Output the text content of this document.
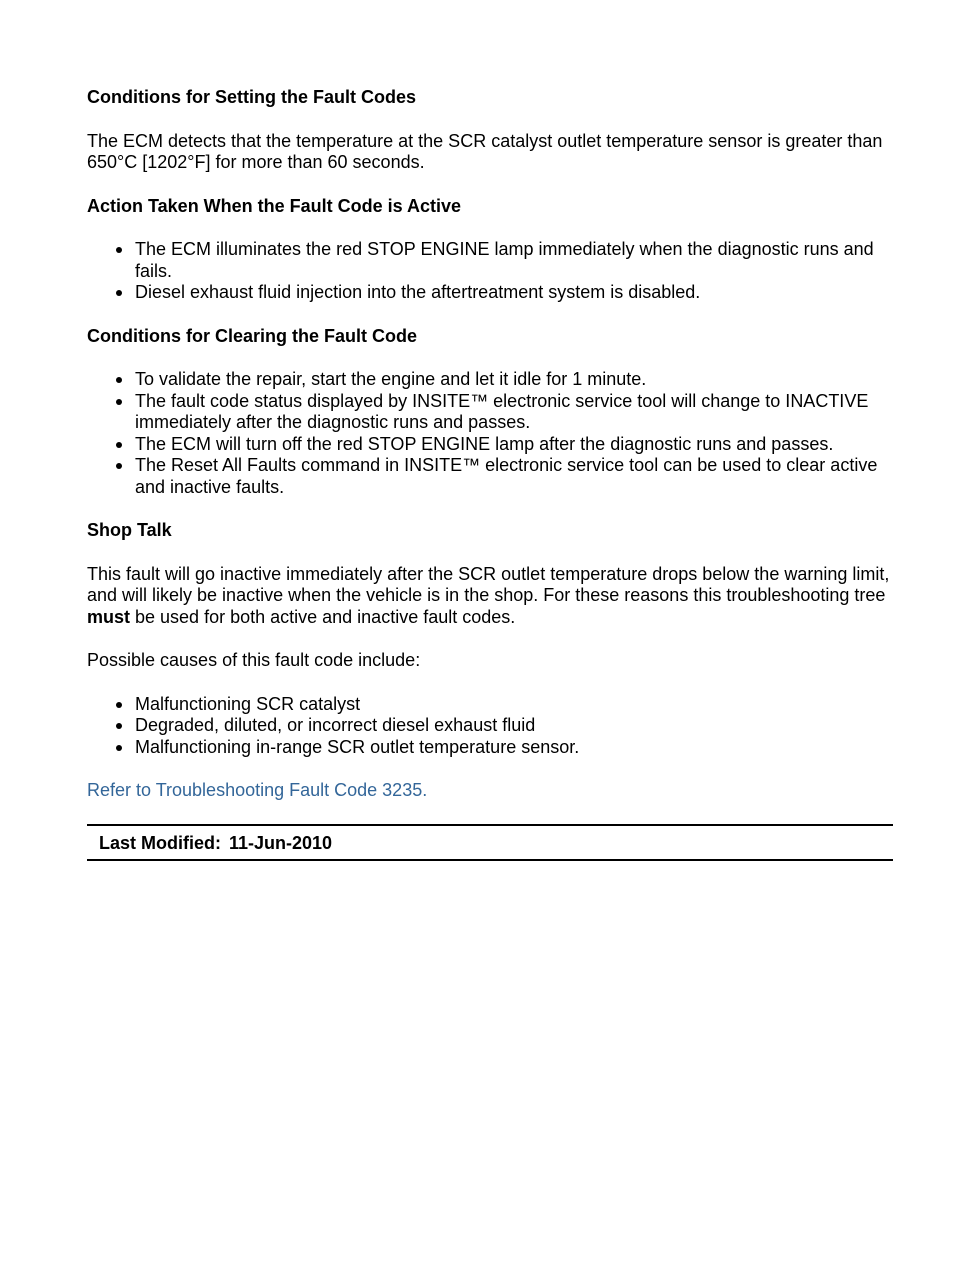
Conditions for Setting the Fault Codes
The ECM detects that the temperature at the SCR catalyst outlet temperature sensor is greater than 650°C [1202°F] for more than 60 seconds.
Action Taken When the Fault Code is Active
The ECM illuminates the red STOP ENGINE lamp immediately when the diagnostic runs and fails.
Diesel exhaust fluid injection into the aftertreatment system is disabled.
Conditions for Clearing the Fault Code
To validate the repair, start the engine and let it idle for 1 minute.
The fault code status displayed by INSITE™ electronic service tool will change to INACTIVE immediately after the diagnostic runs and passes.
The ECM will turn off the red STOP ENGINE lamp after the diagnostic runs and passes.
The Reset All Faults command in INSITE™ electronic service tool can be used to clear active and inactive faults.
Shop Talk
This fault will go inactive immediately after the SCR outlet temperature drops below the warning limit, and will likely be inactive when the vehicle is in the shop. For these reasons this troubleshooting tree must be used for both active and inactive fault codes.
Possible causes of this fault code include:
Malfunctioning SCR catalyst
Degraded, diluted, or incorrect diesel exhaust fluid
Malfunctioning in-range SCR outlet temperature sensor.
Refer to Troubleshooting Fault Code 3235.
Last Modified: 11-Jun-2010
